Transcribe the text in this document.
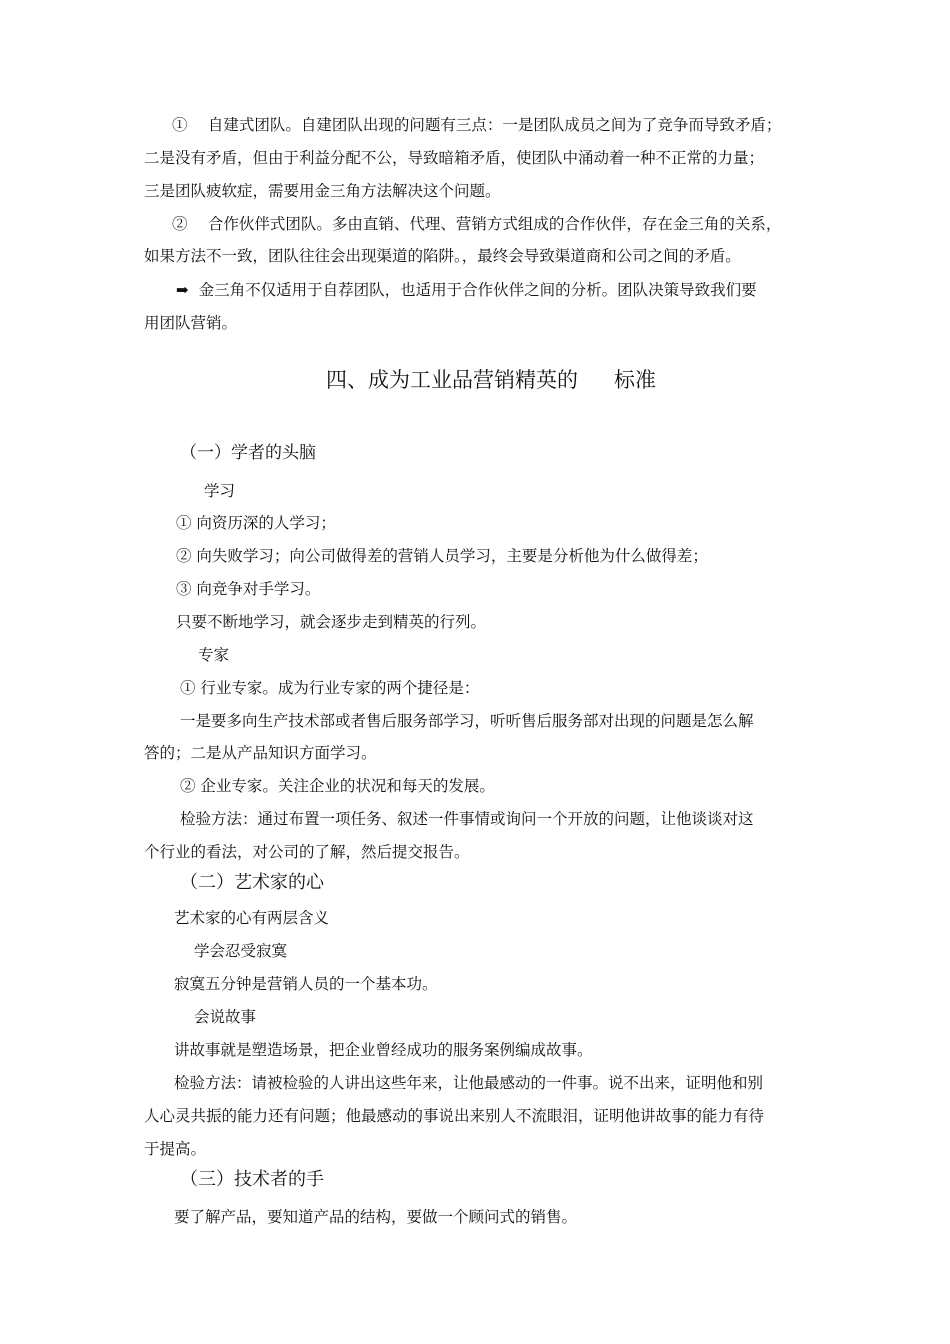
①　 自建式团队。自建团队出现的问题有三点：一是团队成员之间为了竞争而导致矛盾；
二是没有矛盾，但由于利益分配不公，导致暗箱矛盾，使团队中涌动着一种不正常的力量；
三是团队疲软症，需要用金三角方法解决这个问题。
②　 合作伙伴式团队。多由直销、代理、营销方式组成的合作伙伴，存在金三角的关系，
如果方法不一致，团队往往会出现渠道的陷阱。，最终会导致渠道商和公司之间的矛盾。
➡ 金三角不仅适用于自荐团队，也适用于合作伙伴之间的分析。团队决策导致我们要
用团队营销。
四、成为工业品营销精英的 标准
（一）学者的头脑
学习
① 向资历深的人学习；
② 向失败学习；向公司做得差的营销人员学习，主要是分析他为什么做得差；
③ 向竞争对手学习。
只要不断地学习，就会逐步走到精英的行列。
专家
① 行业专家。成为行业专家的两个捷径是：
一是要多向生产技术部或者售后服务部学习，听听售后服务部对出现的问题是怎么解
答的；二是从产品知识方面学习。
② 企业专家。关注企业的状况和每天的发展。
检验方法：通过布置一项任务、叙述一件事情或询问一个开放的问题，让他谈谈对这
个行业的看法，对公司的了解，然后提交报告。
（二）艺术家的心
艺术家的心有两层含义
学会忍受寂寞
寂寞五分钟是营销人员的一个基本功。
会说故事
讲故事就是塑造场景，把企业曾经成功的服务案例编成故事。
检验方法：请被检验的人讲出这些年来，让他最感动的一件事。说不出来，证明他和别
人心灵共振的能力还有问题；他最感动的事说出来别人不流眼泪，证明他讲故事的能力有待
于提高。
（三）技术者的手
要了解产品，要知道产品的结构，要做一个顾问式的销售。
